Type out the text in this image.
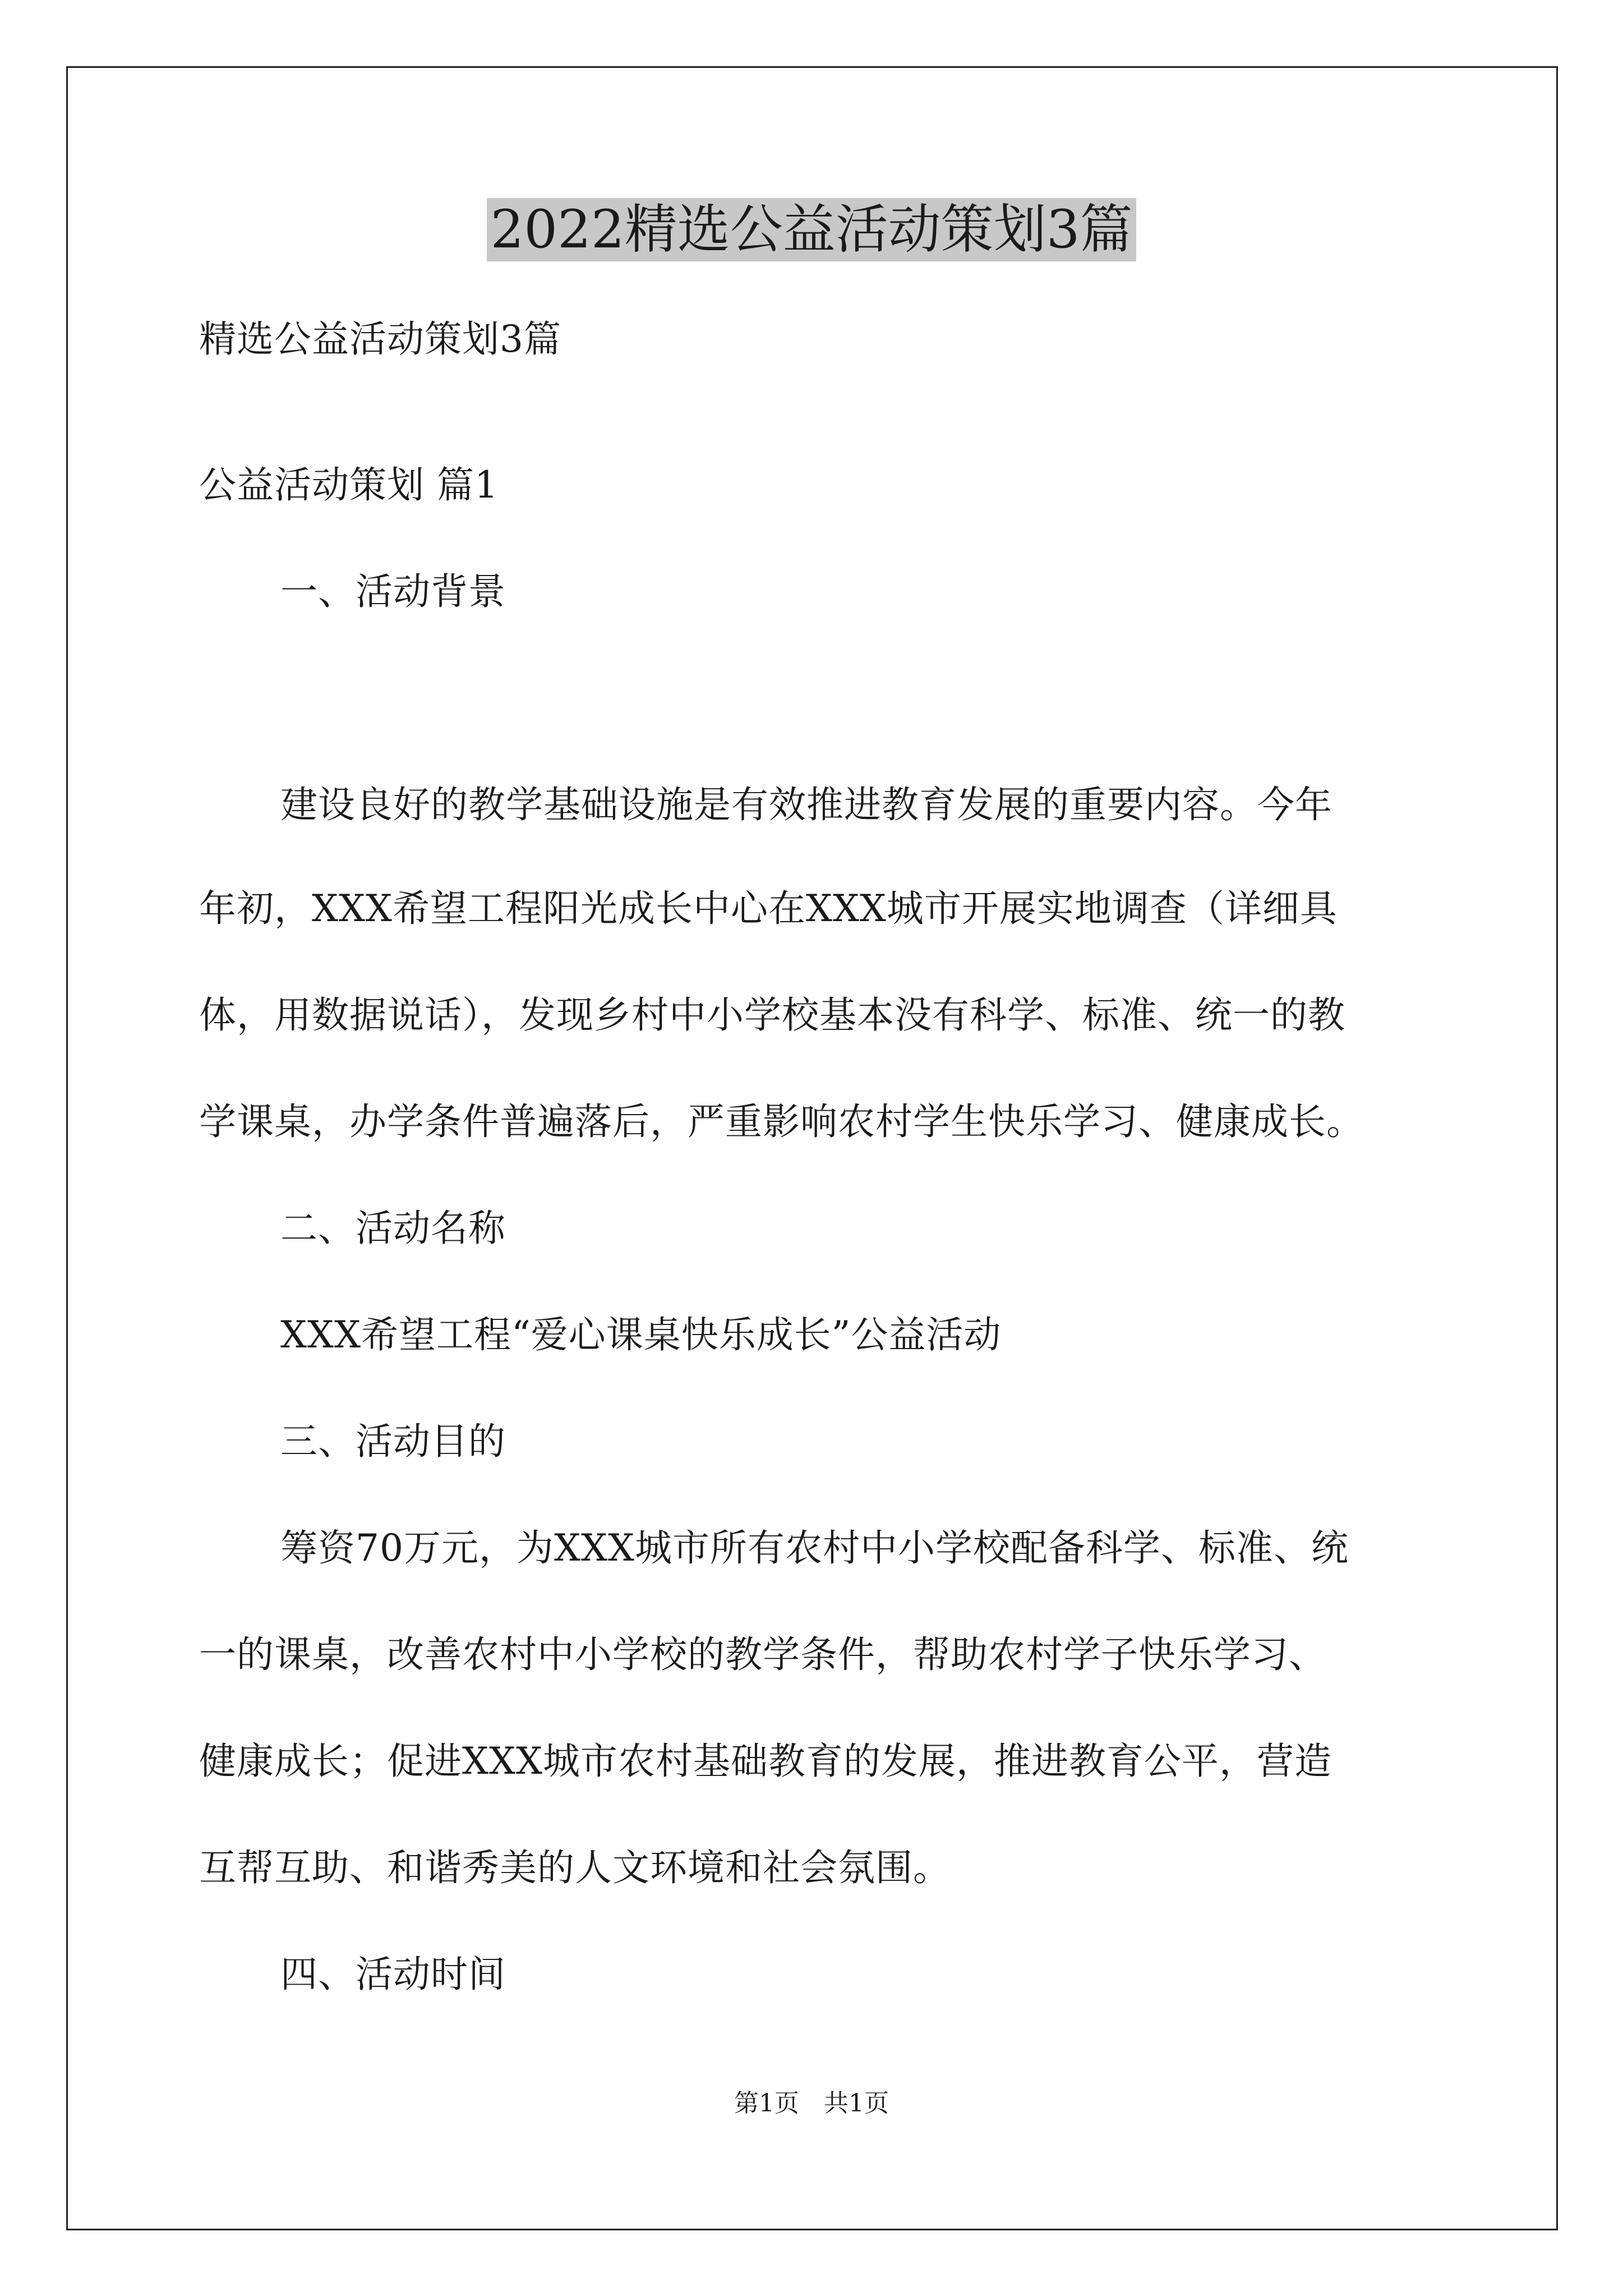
2022精选公益活动策划3篇
精选公益活动策划3篇
公益活动策划 篇1
一、活动背景
建设良好的教学基础设施是有效推进教育发展的重要内容。今年
年初，XXX希望工程阳光成长中心在XXX城市开展实地调查（详细具
体，用数据说话），发现乡村中小学校基本没有科学、标准、统一的教
学课桌，办学条件普遍落后，严重影响农村学生快乐学习、健康成长。
二、活动名称
XXX希望工程“爱心课桌快乐成长”公益活动
三、活动目的
筹资70万元，为XXX城市所有农村中小学校配备科学、标准、统
一的课桌，改善农村中小学校的教学条件，帮助农村学子快乐学习、
健康成长；促进XXX城市农村基础教育的发展，推进教育公平，营造
互帮互助、和谐秀美的人文环境和社会氛围。
四、活动时间
第1页　共1页
